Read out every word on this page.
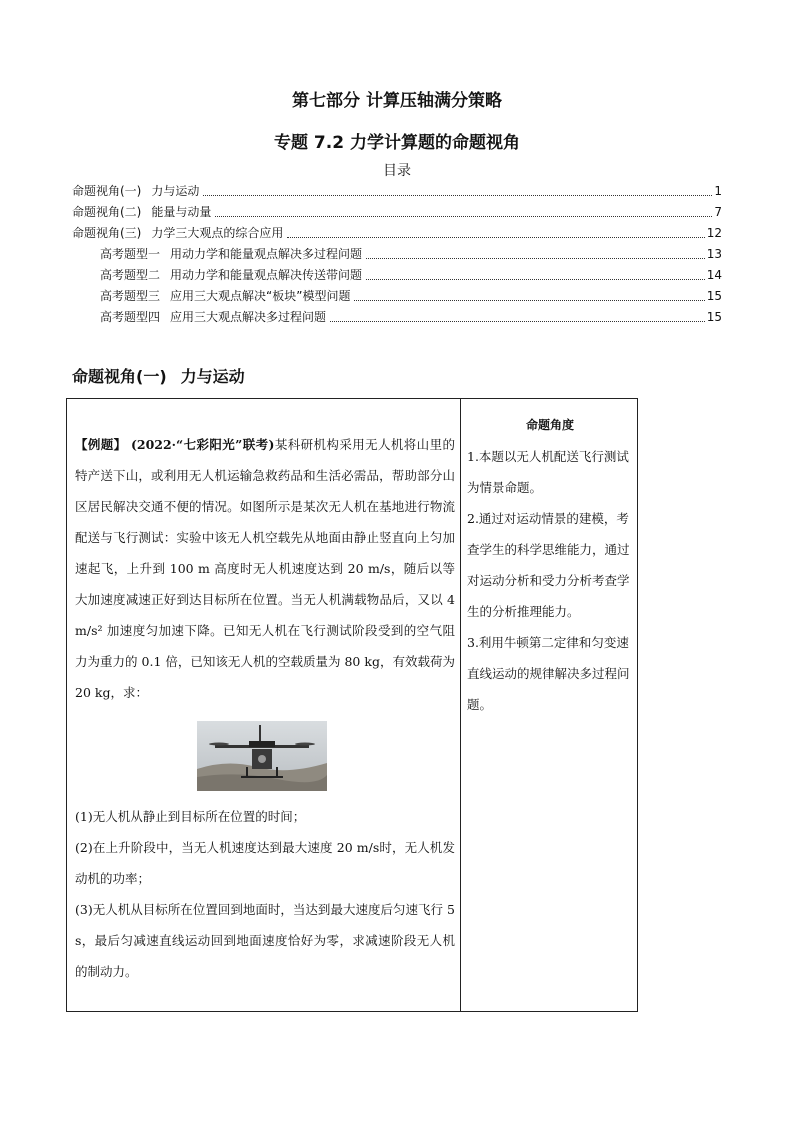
第七部分 计算压轴满分策略
专题 7.2 力学计算题的命题视角
目录
命题视角(一) 力与运动	1
命题视角(二) 能量与动量	7
命题视角(三) 力学三大观点的综合应用	12
高考题型一 用动力学和能量观点解决多过程问题	13
高考题型二 用动力学和能量观点解决传送带问题	14
高考题型三 应用三大观点解决“板块”模型问题	15
高考题型四 应用三大观点解决多过程问题	15
命题视角(一) 力与运动

【例题】 (2022·“七彩阳光”联考)某科研机构采用无人机将山里的特产送下山，或利用无人机运输急救药品和生活必需品，帮助部分山区居民解决交通不便的情况。如图所示是某次无人机在基地进行物流配送与飞行测试：实验中该无人机空载先从地面由静止竖直向上匀加速起飞，上升到 100 m 高度时无人机速度达到 20 m/s，随后以等大加速度减速正好到达目标所在位置。当无人机满载物品后，又以 4 m/s² 加速度匀加速下降。已知无人机在飞行测试阶段受到的空气阻力为重力的 0.1 倍，已知该无人机的空载质量为 80 kg，有效载荷为 20 kg，求：

(1)无人机从静止到目标所在位置的时间；

(2)在上升阶段中，当无人机速度达到最大速度 20 m/s时，无人机发动机的功率；

(3)无人机从目标所在位置回到地面时，当达到最大速度后匀速飞行 5 s，最后匀减速直线运动回到地面速度恰好为零，求减速阶段无人机的制动力。

命题角度

1.本题以无人机配送飞行测试为情景命题。

2.通过对运动情景的建模，考查学生的科学思维能力，通过对运动分析和受力分析考查学生的分析推理能力。

3.利用牛顿第二定律和匀变速直线运动的规律解决多过程问题。
